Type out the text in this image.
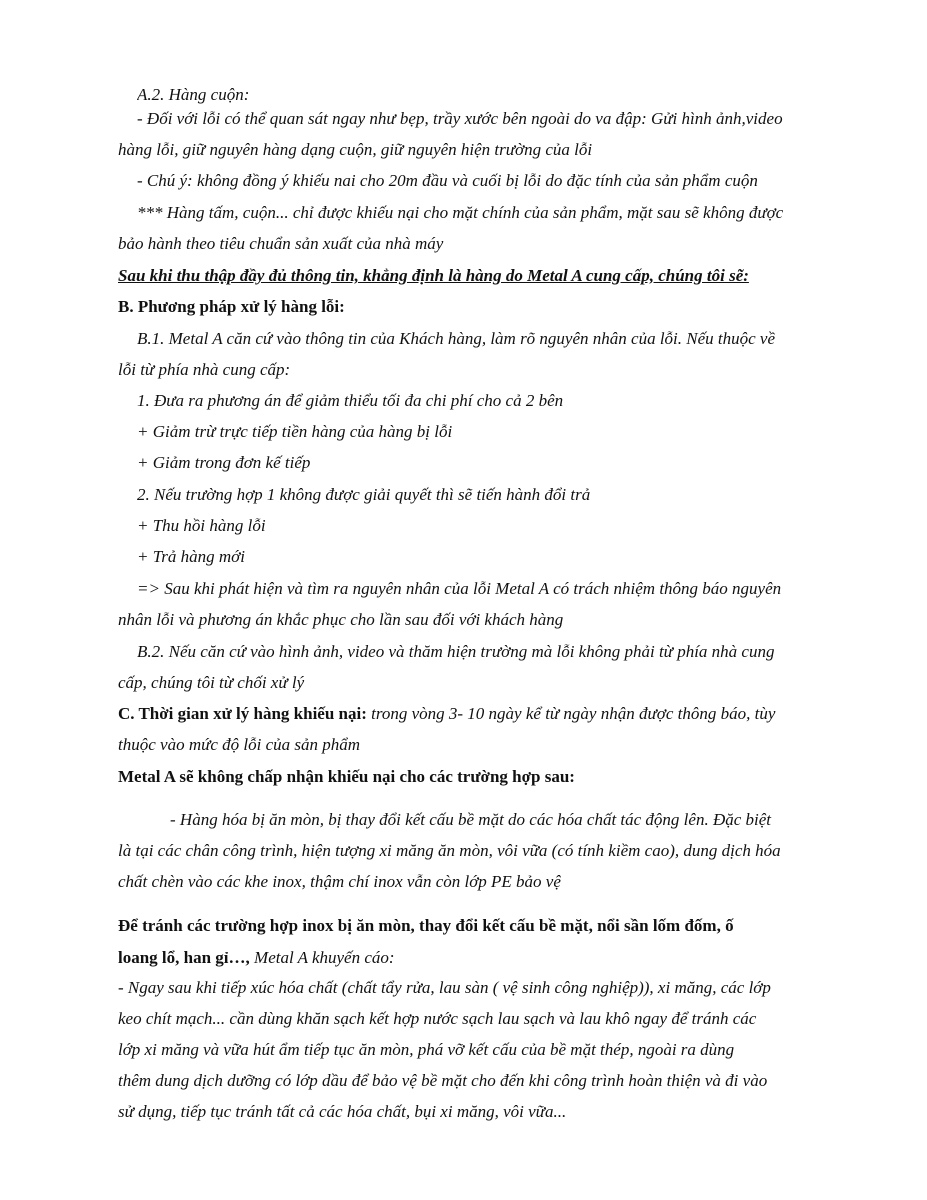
A.2. Hàng cuộn:
- Đối với lỗi có thể quan sát ngay như bẹp, trầy xước bên ngoài do va đập: Gửi hình ảnh,video
hàng lỗi, giữ nguyên hàng dạng cuộn, giữ nguyên hiện trường của lỗi
- Chú ý: không đồng ý khiếu nai cho 20m đầu và cuối bị lỗi do đặc tính của sản phẩm cuộn
*** Hàng tấm, cuộn... chỉ được khiếu nại cho mặt chính của sản phẩm, mặt sau sẽ không được
bảo hành theo tiêu chuẩn sản xuất của nhà máy
Sau khi thu thập đầy đủ thông tin, khẳng định là hàng do Metal A cung cấp, chúng tôi sẽ:
B. Phương pháp xử lý hàng lỗi:
B.1. Metal A căn cứ vào thông tin của Khách hàng, làm rõ nguyên nhân của lỗi. Nếu thuộc về
lỗi từ phía nhà cung cấp:
1. Đưa ra phương án để giảm thiểu tối đa chi phí cho cả 2 bên
+ Giảm trừ trực tiếp tiền hàng của hàng bị lỗi
+ Giảm trong đơn kế tiếp
2. Nếu trường hợp 1 không được giải quyết thì sẽ tiến hành đổi trả
+ Thu hồi hàng lỗi
+ Trả hàng mới
=> Sau khi phát hiện và tìm ra nguyên nhân của lỗi Metal A có trách nhiệm thông báo nguyên
nhân lỗi và phương án khắc phục cho lần sau đối với khách hàng
B.2. Nếu căn cứ vào hình ảnh, video và thăm hiện trường mà lỗi không phải từ phía nhà cung
cấp, chúng tôi từ chối xử lý
C. Thời gian xử lý hàng khiếu nại: trong vòng 3- 10 ngày kể từ ngày nhận được thông báo, tùy
thuộc vào mức độ lỗi của sản phẩm
Metal A sẽ không chấp nhận khiếu nại cho các trường hợp sau:
- Hàng hóa bị ăn mòn, bị thay đổi kết cấu bề mặt do các hóa chất tác động lên. Đặc biệt
là tại các chân công trình, hiện tượng xi măng ăn mòn, vôi vữa (có tính kiềm cao), dung dịch hóa
chất chèn vào các khe inox, thậm chí inox vẫn còn lớp PE bảo vệ
Để tránh các trường hợp inox bị ăn mòn, thay đổi kết cấu bề mặt, nổi sần lốm đốm, ố
loang lổ, han gỉ…, Metal A khuyến cáo:
- Ngay sau khi tiếp xúc hóa chất (chất tẩy rửa, lau sàn ( vệ sinh công nghiệp)), xi măng, các lớp
keo chít mạch... cần dùng khăn sạch kết hợp nước sạch lau sạch và lau khô ngay để tránh các
lớp xi măng và vữa hút ẩm tiếp tục ăn mòn, phá vỡ kết cấu của bề mặt thép, ngoài ra dùng
thêm dung dịch dưỡng có lớp dầu để bảo vệ bề mặt cho đến khi công trình hoàn thiện và đi vào
sử dụng, tiếp tục tránh tất cả các hóa chất, bụi xi măng, vôi vữa...
